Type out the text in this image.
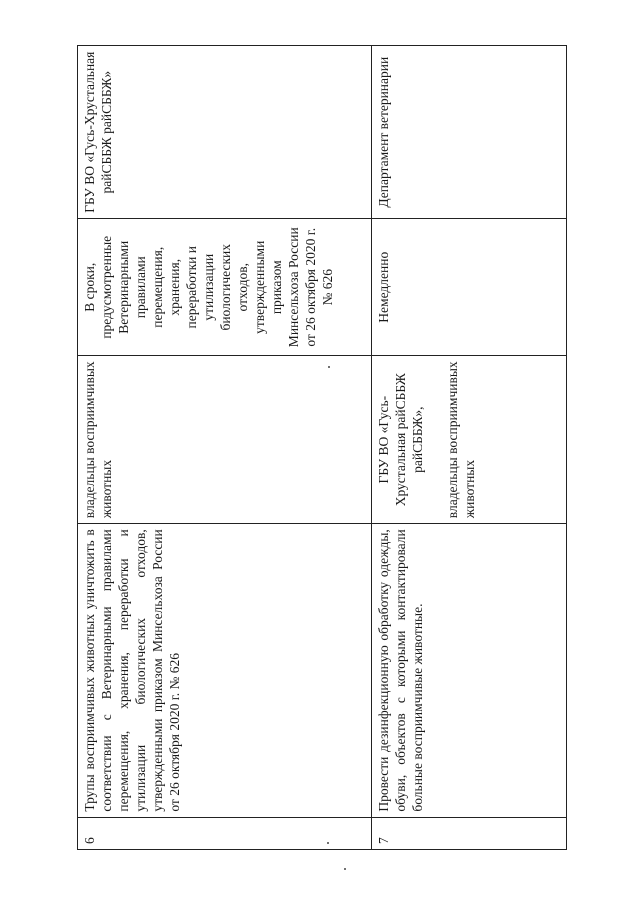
6	Трупы восприимчивых животных уничтожить в соответствии с Ветеринарными правилами перемещения, хранения, переработки и утилизации биологических отходов, утвержденными приказом Минсельхоза России от 26 октября 2020 г. № 626	владельцы восприимчивых животных	В сроки, предусмотренные Ветеринарными правилами перемещения, хранения, переработки и утилизации биологических отходов, утвержденными приказом Минсельхоза России от 26 октября 2020 г. № 626	ГБУ ВО «Гусь-Хрустальная райСББЖ райСББЖ»
7	Провести дезинфекционную обработку одежды, обуви, объектов с которыми контактировали больные восприимчивые животные.	ГБУ ВО «Гусь-Хрустальная райСББЖ райСББЖ», владельцы восприимчивых животных	Немедленно	Департамент ветеринарии
